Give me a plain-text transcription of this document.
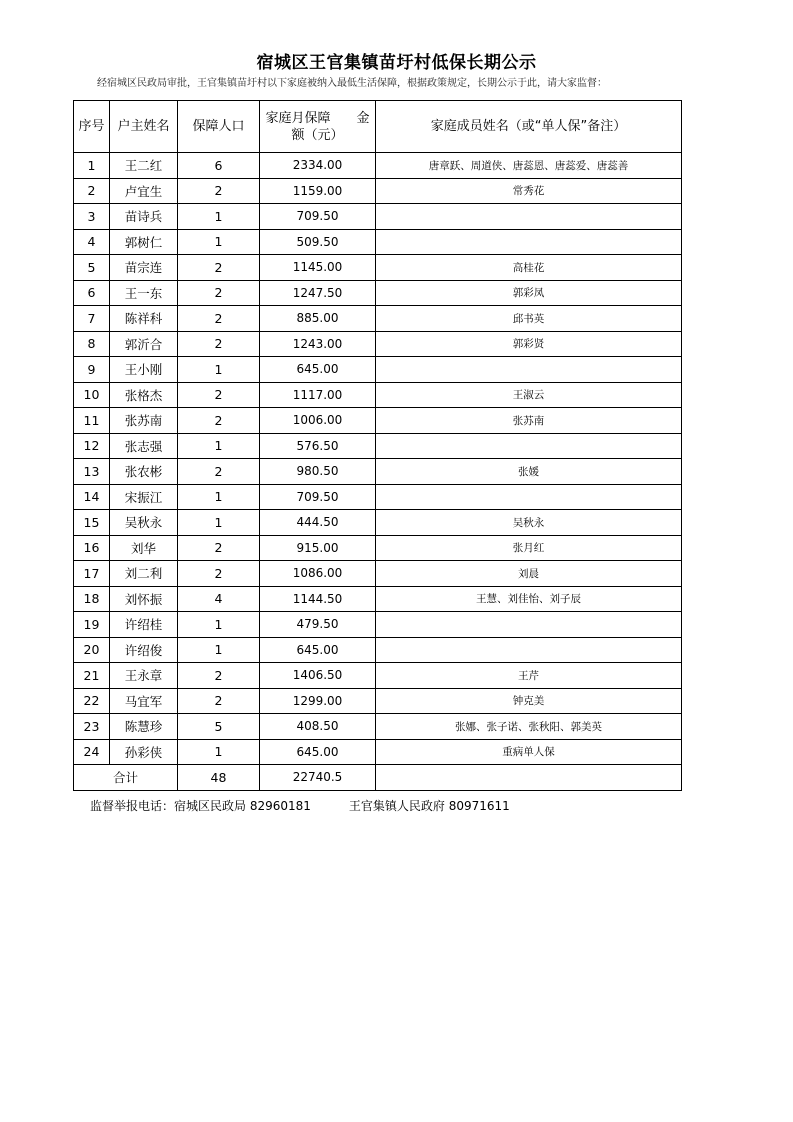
宿城区王官集镇苗圩村低保长期公示
经宿城区民政局审批，王官集镇苗圩村以下家庭被纳入最低生活保障，根据政策规定，长期公示于此，请大家监督：
序号	户主姓名	保障人口	家庭月保障　　金额（元）	家庭成员姓名（或“单人保”备注）
1	王二红	6	2334.00	唐章跃、周道侠、唐蕊恩、唐蕊爱、唐蕊善
2	卢宜生	2	1159.00	常秀花
3	苗诗兵	1	709.50	
4	郭树仁	1	509.50	
5	苗宗连	2	1145.00	高桂花
6	王一东	2	1247.50	郭彩凤
7	陈祥科	2	885.00	邱书英
8	郭沂合	2	1243.00	郭彩贤
9	王小刚	1	645.00	
10	张格杰	2	1117.00	王淑云
11	张苏南	2	1006.00	张苏南
12	张志强	1	576.50	
13	张农彬	2	980.50	张媛
14	宋振江	1	709.50	
15	吴秋永	1	444.50	吴秋永
16	刘华	2	915.00	张月红
17	刘二利	2	1086.00	刘晨
18	刘怀振	4	1144.50	王慧、刘佳怡、刘子辰
19	许绍桂	1	479.50	
20	许绍俊	1	645.00	
21	王永章	2	1406.50	王芹
22	马宜军	2	1299.00	钟克美
23	陈慧珍	5	408.50	张娜、张子诺、张秋阳、郭美英
24	孙彩侠	1	645.00	重病单人保
合计		48	22740.5	
监督举报电话：宿城区民政局 82960181	王官集镇人民政府 80971611
